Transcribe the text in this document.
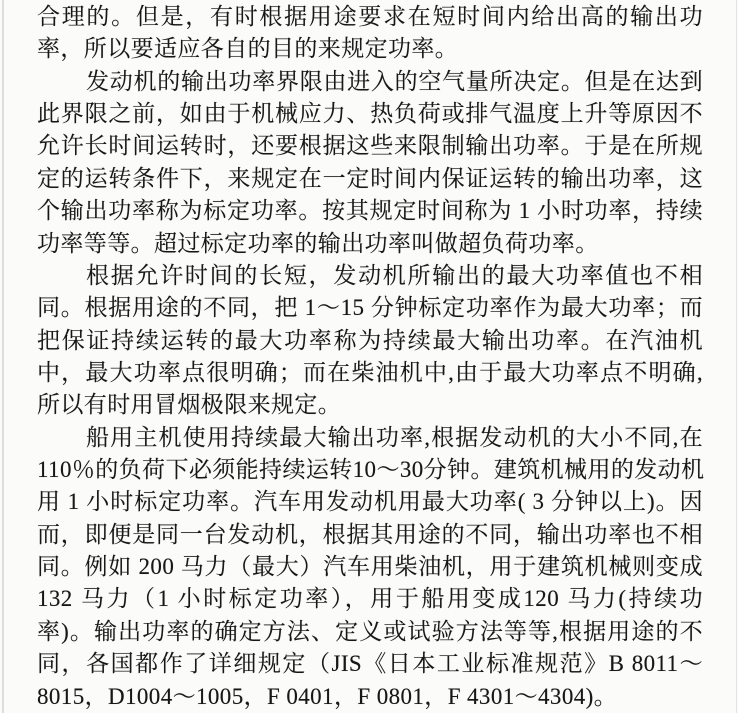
合理的。但是，有时根据用途要求在短时间内给出高的输出功
率，所以要适应各自的目的来规定功率。
发动机的输出功率界限由进入的空气量所决定。但是在达到
此界限之前，如由于机械应力、热负荷或排气温度上升等原因不
允许长时间运转时，还要根据这些来限制输出功率。于是在所规
定的运转条件下，来规定在一定时间内保证运转的输出功率，这
个输出功率称为标定功率。按其规定时间称为 1 小时功率，持续
功率等等。超过标定功率的输出功率叫做超负荷功率。
根据允许时间的长短，发动机所输出的最大功率值也不相
同。根据用途的不同，把 1～15 分钟标定功率作为最大功率；而
把保证持续运转的最大功率称为持续最大输出功率。在汽油机
中，最大功率点很明确；而在柴油机中,由于最大功率点不明确,
所以有时用冒烟极限来规定。
船用主机使用持续最大输出功率,根据发动机的大小不同,在
110％的负荷下必须能持续运转10～30分钟。建筑机械用的发动机
用 1 小时标定功率。汽车用发动机用最大功率( 3 分钟以上)。因
而，即便是同一台发动机，根据其用途的不同，输出功率也不相
同。例如 200 马力（最大）汽车用柴油机，用于建筑机械则变成
132 马力（1 小时标定功率），用于船用变成120 马力(持续功
率)。输出功率的确定方法、定义或试验方法等等,根据用途的不
同，各国都作了详细规定（JIS《日本工业标准规范》B 8011～
8015，D1004～1005，F 0401，F 0801，F 4301～4304)。
